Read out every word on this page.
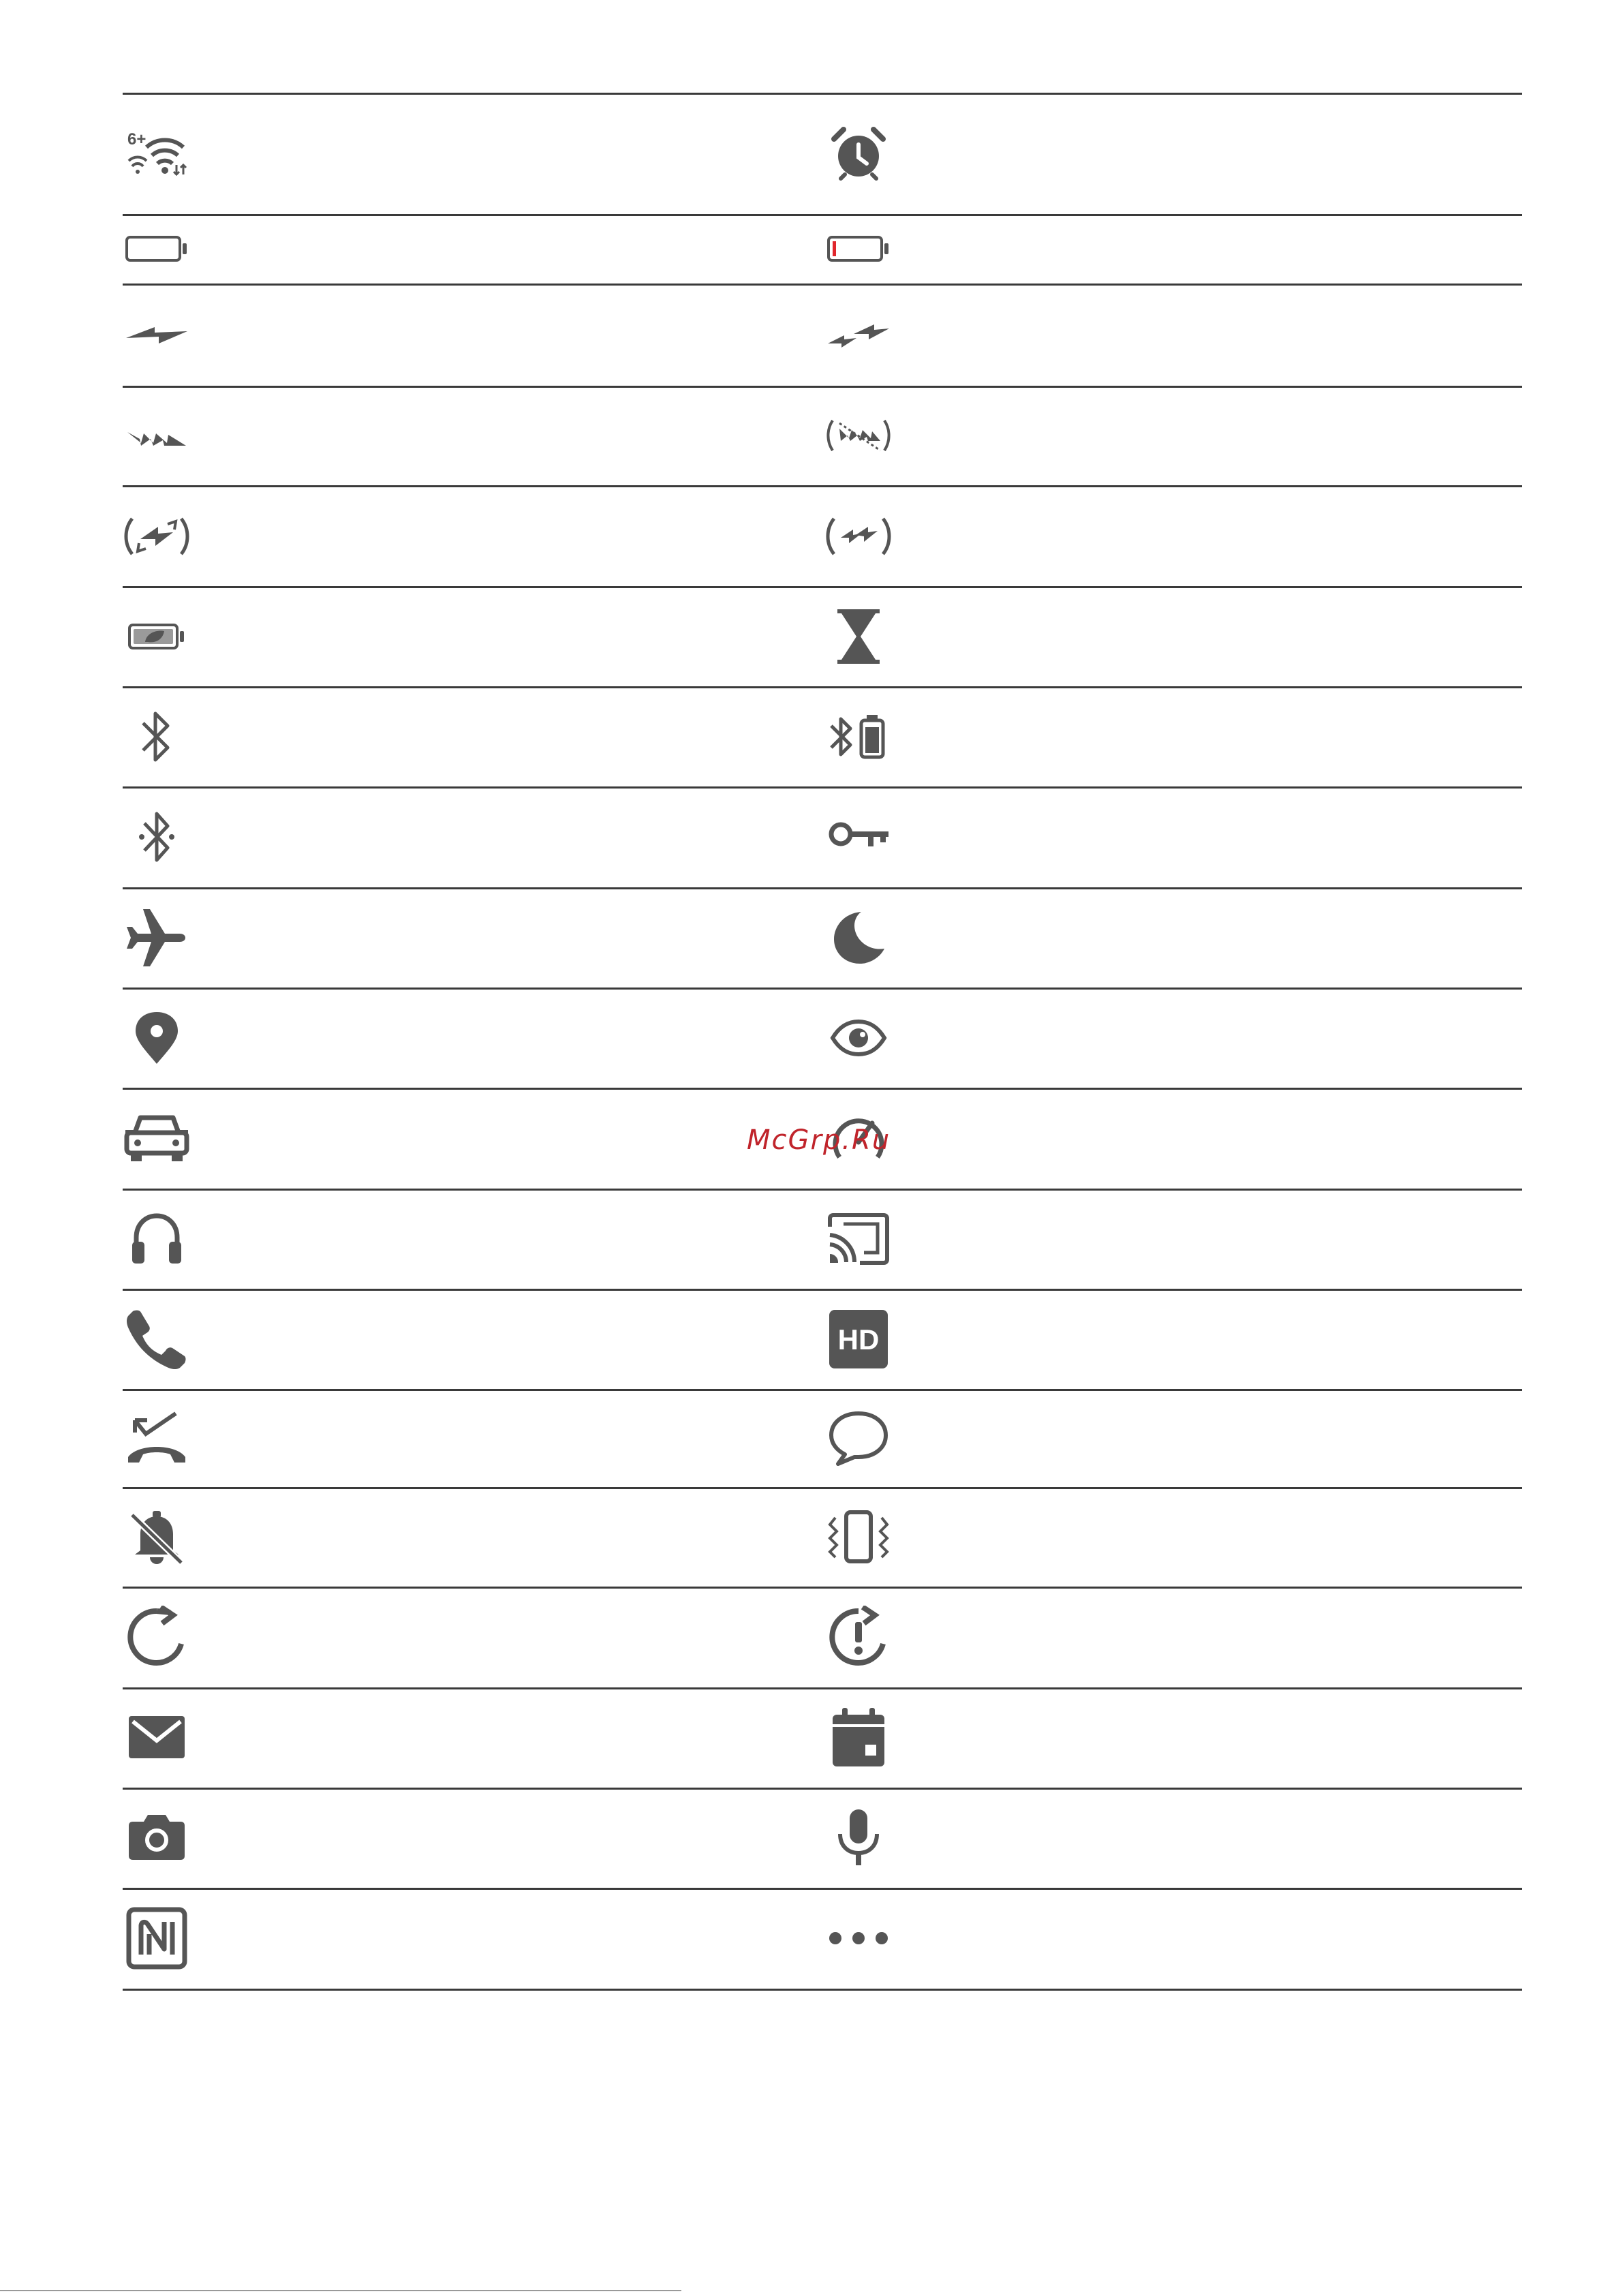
6+
HD
McGrp.Ru
